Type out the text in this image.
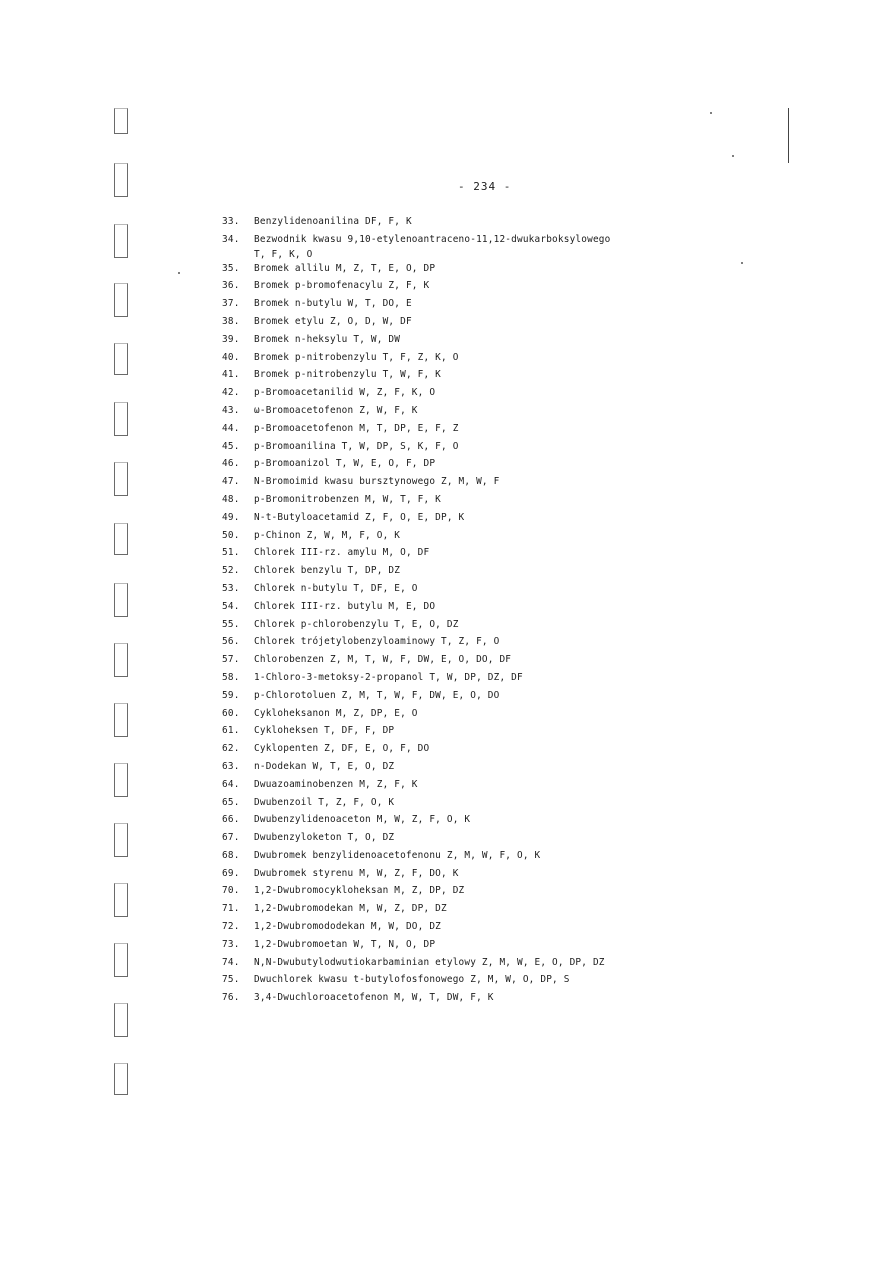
- 234 -
33. Benzylidenoanilina DF, F, K
34. Bezwodnik kwasu 9,10-etylenoantraceno-11,12-dwukarboksylowego
T, F, K, O
35. Bromek allilu M, Z, T, E, O, DP
36. Bromek p-bromofenacylu Z, F, K
37. Bromek n-butylu W, T, DO, E
38. Bromek etylu Z, O, D, W, DF
39. Bromek n-heksylu T, W, DW
40. Bromek p-nitrobenzylu T, F, Z, K, O
41. Bromek p-nitrobenzylu T, W, F, K
42. p-Bromoacetanilid W, Z, F, K, O
43. ω-Bromoacetofenon Z, W, F, K
44. p-Bromoacetofenon M, T, DP, E, F, Z
45. p-Bromoanilina T, W, DP, S, K, F, O
46. p-Bromoanizol T, W, E, O, F, DP
47. N-Bromoimid kwasu bursztynowego Z, M, W, F
48. p-Bromonitrobenzen M, W, T, F, K
49. N-t-Butyloacetamid Z, F, O, E, DP, K
50. p-Chinon Z, W, M, F, O, K
51. Chlorek III-rz. amylu M, O, DF
52. Chlorek benzylu T, DP, DZ
53. Chlorek n-butylu T, DF, E, O
54. Chlorek III-rz. butylu M, E, DO
55. Chlorek p-chlorobenzylu T, E, O, DZ
56. Chlorek trójetylobenzyloaminowy T, Z, F, O
57. Chlorobenzen Z, M, T, W, F, DW, E, O, DO, DF
58. 1-Chloro-3-metoksy-2-propanol T, W, DP, DZ, DF
59. p-Chlorotoluen Z, M, T, W, F, DW, E, O, DO
60. Cykloheksanon M, Z, DP, E, O
61. Cykloheksen T, DF, F, DP
62. Cyklopenten Z, DF, E, O, F, DO
63. n-Dodekan W, T, E, O, DZ
64. Dwuazoaminobenzen M, Z, F, K
65. Dwubenzoil T, Z, F, O, K
66. Dwubenzylidenoaceton M, W, Z, F, O, K
67. Dwubenzyloketon T, O, DZ
68. Dwubromek benzylidenoacetofenonu Z, M, W, F, O, K
69. Dwubromek styrenu M, W, Z, F, DO, K
70. 1,2-Dwubromocykloheksan M, Z, DP, DZ
71. 1,2-Dwubromodekan M, W, Z, DP, DZ
72. 1,2-Dwubromododekan M, W, DO, DZ
73. 1,2-Dwubromoetan W, T, N, O, DP
74. N,N-Dwubutylodwutiokarbaminian etylowy Z, M, W, E, O, DP, DZ
75. Dwuchlorek kwasu t-butylofosfonowego Z, M, W, O, DP, S
76. 3,4-Dwuchloroacetofenon M, W, T, DW, F, K
